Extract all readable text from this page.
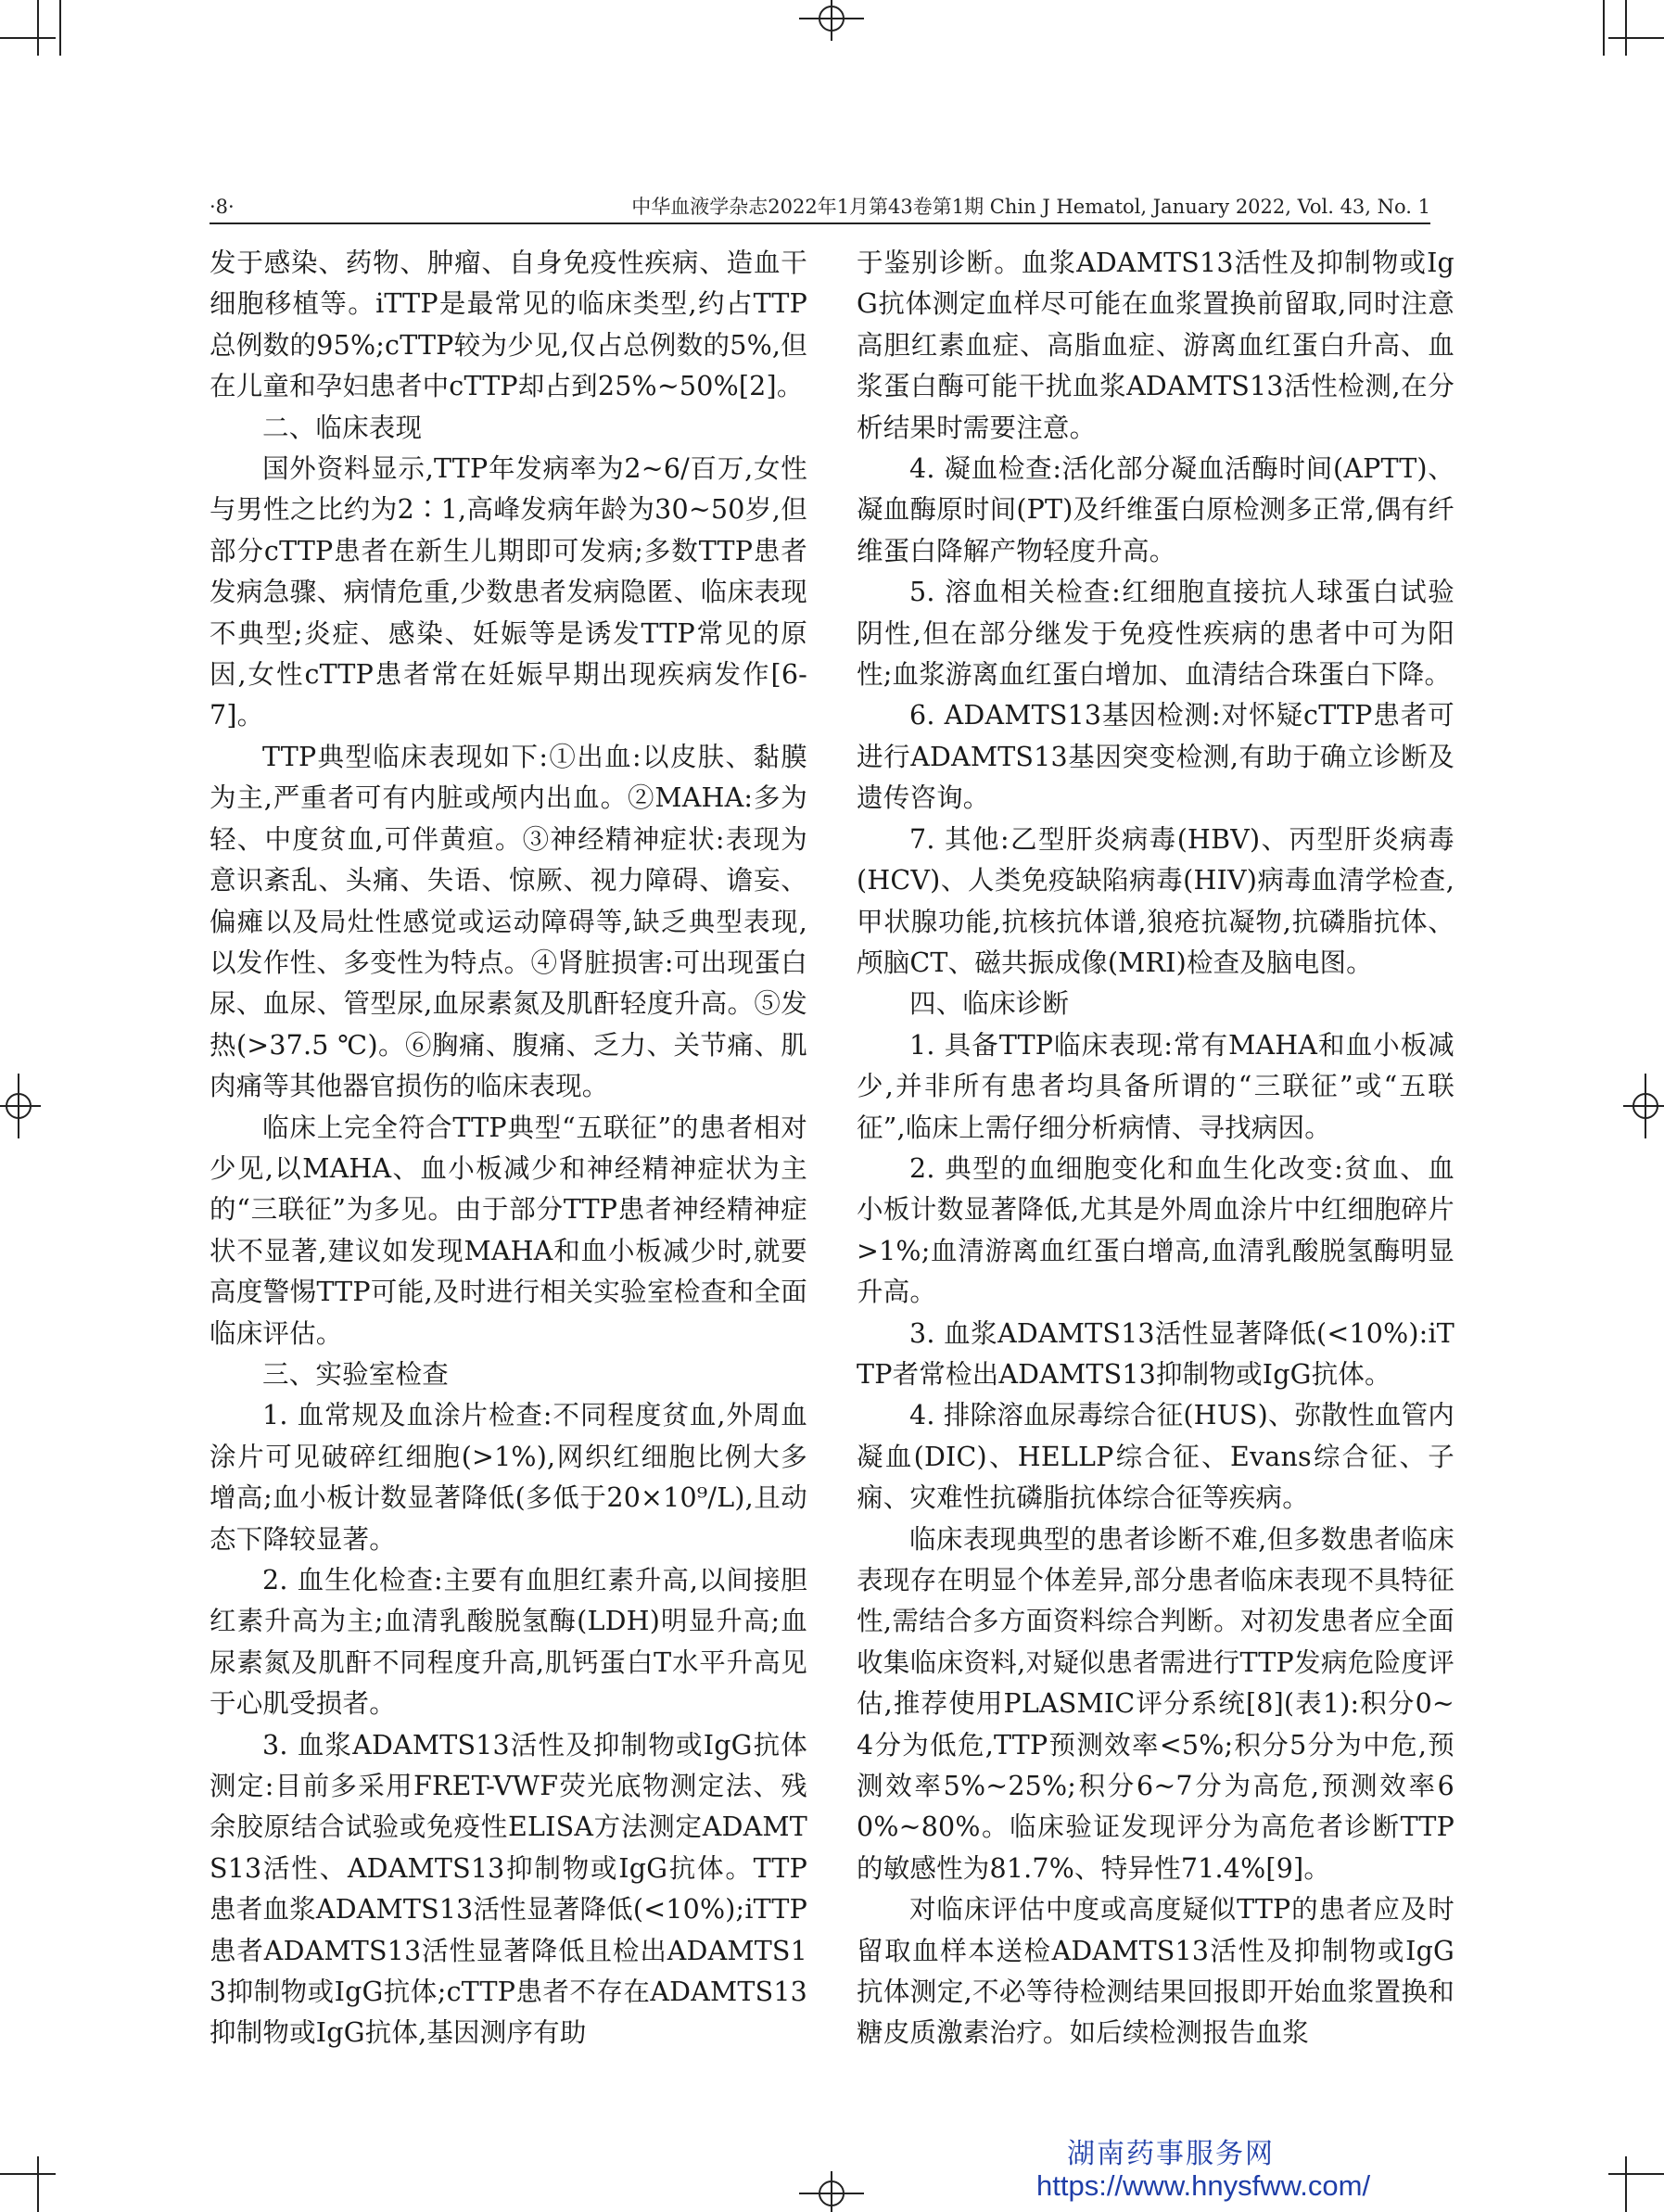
·8·	中华血液学杂志2022年1月第43卷第1期 Chin J Hematol, January 2022, Vol. 43, No. 1

发于感染、药物、肿瘤、自身免疫性疾病、造血干细胞移植等。iTTP是最常见的临床类型,约占TTP总例数的95%;cTTP较为少见,仅占总例数的5%,但在儿童和孕妇患者中cTTP却占到25%~50%[2]。

二、临床表现

国外资料显示,TTP年发病率为2~6/百万,女性与男性之比约为2∶1,高峰发病年龄为30~50岁,但部分cTTP患者在新生儿期即可发病;多数TTP患者发病急骤、病情危重,少数患者发病隐匿、临床表现不典型;炎症、感染、妊娠等是诱发TTP常见的原因,女性cTTP患者常在妊娠早期出现疾病发作[6-7]。

TTP典型临床表现如下:①出血:以皮肤、黏膜为主,严重者可有内脏或颅内出血。②MAHA:多为轻、中度贫血,可伴黄疸。③神经精神症状:表现为意识紊乱、头痛、失语、惊厥、视力障碍、谵妄、偏瘫以及局灶性感觉或运动障碍等,缺乏典型表现,以发作性、多变性为特点。④肾脏损害:可出现蛋白尿、血尿、管型尿,血尿素氮及肌酐轻度升高。⑤发热(>37.5 ℃)。⑥胸痛、腹痛、乏力、关节痛、肌肉痛等其他器官损伤的临床表现。

临床上完全符合TTP典型“五联征”的患者相对少见,以MAHA、血小板减少和神经精神症状为主的“三联征”为多见。由于部分TTP患者神经精神症状不显著,建议如发现MAHA和血小板减少时,就要高度警惕TTP可能,及时进行相关实验室检查和全面临床评估。

三、实验室检查

1. 血常规及血涂片检查:不同程度贫血,外周血涂片可见破碎红细胞(>1%),网织红细胞比例大多增高;血小板计数显著降低(多低于20×10⁹/L),且动态下降较显著。

2. 血生化检查:主要有血胆红素升高,以间接胆红素升高为主;血清乳酸脱氢酶(LDH)明显升高;血尿素氮及肌酐不同程度升高,肌钙蛋白T水平升高见于心肌受损者。

3. 血浆ADAMTS13活性及抑制物或IgG抗体测定:目前多采用FRET-VWF荧光底物测定法、残余胶原结合试验或免疫性ELISA方法测定ADAMTS13活性、ADAMTS13抑制物或IgG抗体。TTP患者血浆ADAMTS13活性显著降低(<10%);iTTP患者ADAMTS13活性显著降低且检出ADAMTS13抑制物或IgG抗体;cTTP患者不存在ADAMTS13抑制物或IgG抗体,基因测序有助

于鉴别诊断。血浆ADAMTS13活性及抑制物或IgG抗体测定血样尽可能在血浆置换前留取,同时注意高胆红素血症、高脂血症、游离血红蛋白升高、血浆蛋白酶可能干扰血浆ADAMTS13活性检测,在分析结果时需要注意。

4. 凝血检查:活化部分凝血活酶时间(APTT)、凝血酶原时间(PT)及纤维蛋白原检测多正常,偶有纤维蛋白降解产物轻度升高。

5. 溶血相关检查:红细胞直接抗人球蛋白试验阴性,但在部分继发于免疫性疾病的患者中可为阳性;血浆游离血红蛋白增加、血清结合珠蛋白下降。

6. ADAMTS13基因检测:对怀疑cTTP患者可进行ADAMTS13基因突变检测,有助于确立诊断及遗传咨询。

7. 其他:乙型肝炎病毒(HBV)、丙型肝炎病毒(HCV)、人类免疫缺陷病毒(HIV)病毒血清学检查,甲状腺功能,抗核抗体谱,狼疮抗凝物,抗磷脂抗体、颅脑CT、磁共振成像(MRI)检查及脑电图。

四、临床诊断

1. 具备TTP临床表现:常有MAHA和血小板减少,并非所有患者均具备所谓的“三联征”或“五联征”,临床上需仔细分析病情、寻找病因。

2. 典型的血细胞变化和血生化改变:贫血、血小板计数显著降低,尤其是外周血涂片中红细胞碎片>1%;血清游离血红蛋白增高,血清乳酸脱氢酶明显升高。

3. 血浆ADAMTS13活性显著降低(<10%):iTTP者常检出ADAMTS13抑制物或IgG抗体。

4. 排除溶血尿毒综合征(HUS)、弥散性血管内凝血(DIC)、HELLP综合征、Evans综合征、子痫、灾难性抗磷脂抗体综合征等疾病。

临床表现典型的患者诊断不难,但多数患者临床表现存在明显个体差异,部分患者临床表现不具特征性,需结合多方面资料综合判断。对初发患者应全面收集临床资料,对疑似患者需进行TTP发病危险度评估,推荐使用PLASMIC评分系统[8](表1):积分0~4分为低危,TTP预测效率<5%;积分5分为中危,预测效率5%~25%;积分6~7分为高危,预测效率60%~80%。临床验证发现评分为高危者诊断TTP的敏感性为81.7%、特异性71.4%[9]。

对临床评估中度或高度疑似TTP的患者应及时留取血样本送检ADAMTS13活性及抑制物或IgG抗体测定,不必等待检测结果回报即开始血浆置换和糖皮质激素治疗。如后续检测报告血浆

湖南药事服务网
https://www.hnysfww.com/
